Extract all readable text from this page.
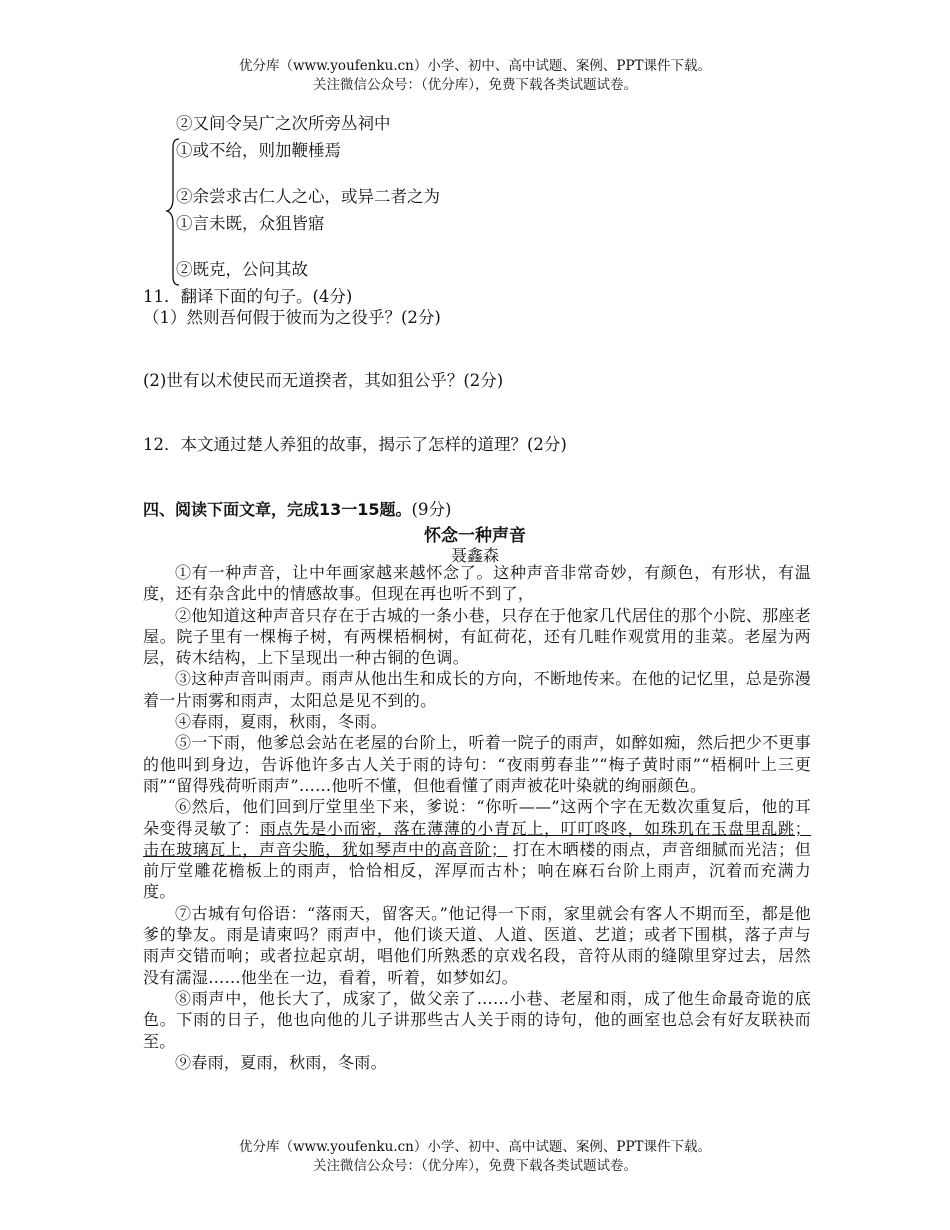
优分库（www.youfenku.cn）小学、初中、高中试题、案例、PPT课件下载。
关注微信公众号：（优分库），免费下载各类试题试卷。
②又间令吴广之次所旁丛祠中
①或不给，则加鞭棰焉
②余尝求古仁人之心，或异二者之为
①言未既，众狙皆寤
②既克，公问其故
11．翻译下面的句子。(4分)
（1）然则吾何假于彼而为之役乎？(2分)
(2)世有以术使民而无道揆者，其如狙公乎？(2分)
12．本文通过楚人养狙的故事，揭示了怎样的道理？(2分)
四、阅读下面文章，完成13一15题。(9分)
怀念一种声音
聂鑫森

①有一种声音，让中年画家越来越怀念了。这种声音非常奇妙，有颜色，有形状，有温度，还有杂含此中的情感故事。但现在再也听不到了，

②他知道这种声音只存在于古城的一条小巷，只存在于他家几代居住的那个小院、那座老屋。院子里有一棵梅子树，有两棵梧桐树，有缸荷花，还有几畦作观赏用的韭菜。老屋为两层，砖木结构，上下呈现出一种古铜的色调。

③这种声音叫雨声。雨声从他出生和成长的方向，不断地传来。在他的记忆里，总是弥漫着一片雨雾和雨声，太阳总是见不到的。

④春雨，夏雨，秋雨，冬雨。

⑤一下雨，他爹总会站在老屋的台阶上，听着一院子的雨声，如醉如痴，然后把少不更事的他叫到身边，告诉他许多古人关于雨的诗句：“夜雨剪春韭”“梅子黄时雨”“梧桐叶上三更雨”“留得残荷听雨声”……他听不懂，但他看懂了雨声被花叶染就的绚丽颜色。

⑥然后，他们回到厅堂里坐下来，爹说：“你听——”这两个字在无数次重复后，他的耳朵变得灵敏了：雨点先是小而密，落在薄薄的小青瓦上，叮叮咚咚，如珠玑在玉盘里乱跳；击在玻璃瓦上，声音尖脆，犹如琴声中的高音阶； 打在木晒楼的雨点，声音细腻而光洁；但前厅堂雕花檐板上的雨声，恰恰相反，浑厚而古朴；响在麻石台阶上雨声，沉着而充满力度。

⑦古城有句俗语：“落雨天，留客天。”他记得一下雨，家里就会有客人不期而至，都是他爹的挚友。雨是请柬吗？雨声中，他们谈天道、人道、医道、艺道；或者下围棋，落子声与雨声交错而响；或者拉起京胡，唱他们所熟悉的京戏名段，音符从雨的缝隙里穿过去，居然没有濡湿……他坐在一边，看着，听着，如梦如幻。

⑧雨声中，他长大了，成家了，做父亲了……小巷、老屋和雨，成了他生命最奇诡的底色。下雨的日子，他也向他的儿子讲那些古人关于雨的诗句，他的画室也总会有好友联袂而至。

⑨春雨，夏雨，秋雨，冬雨。

优分库（www.youfenku.cn）小学、初中、高中试题、案例、PPT课件下载。
关注微信公众号：（优分库），免费下载各类试题试卷。
